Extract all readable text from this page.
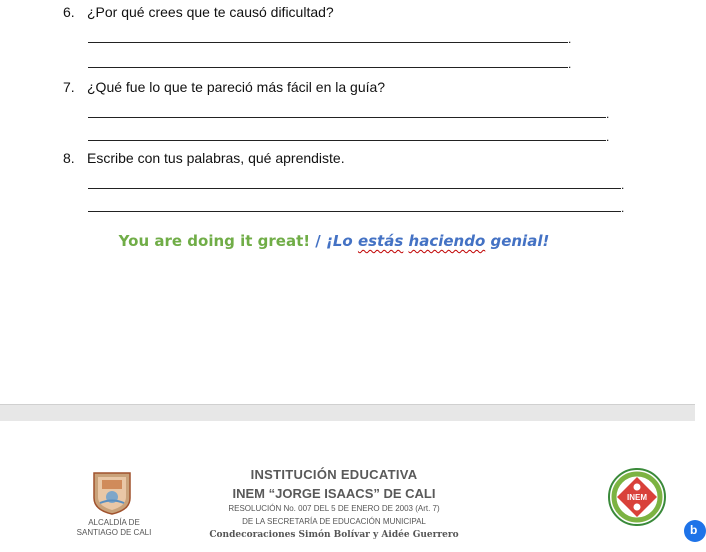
6. ¿Por qué crees que te causó dificultad?
.
.
7. ¿Qué fue lo que te pareció más fácil en la guía?
.
.
8. Escribe con tus palabras, qué aprendiste.
.
.
You are doing it great! / ¡Lo estás haciendo genial!
ALCALDÍA DE
SANTIAGO DE CALI
INSTITUCIÓN EDUCATIVA
INEM “JORGE ISAACS” DE CALI
RESOLUCIÓN No. 007 DEL 5 DE ENERO DE 2003 (Art. 7)
DE LA SECRETARÍA DE EDUCACIÓN MUNICIPAL
Condecoraciones Simón Bolívar y Aidée Guerrero
INEM
b
